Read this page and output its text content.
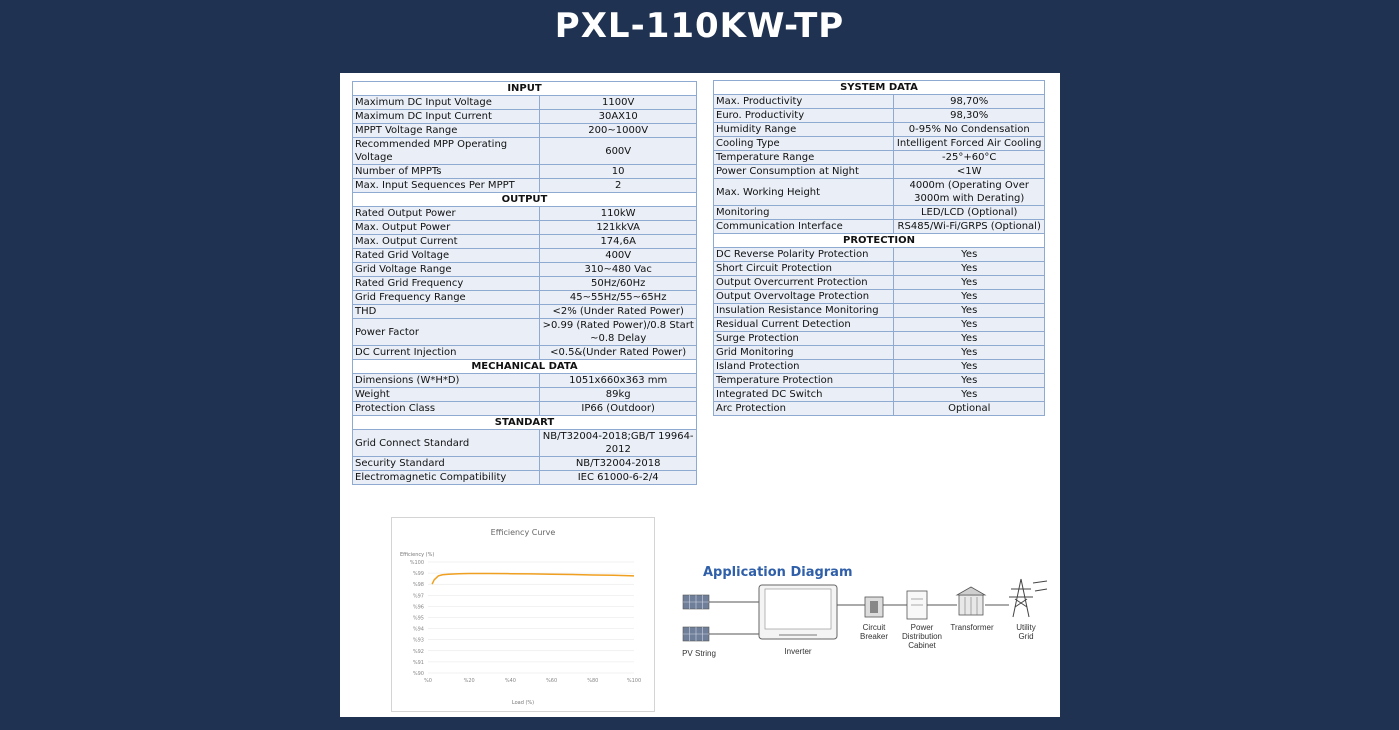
PXL-110KW-TP
INPUT	
Maximum DC Input Voltage	1100V
Maximum DC Input Current	30AX10
MPPT Voltage Range	200~1000V
Recommended MPP Operating Voltage	600V
Number of MPPTs	10
Max. Input Sequences Per MPPT	2
OUTPUT	
Rated Output Power	110kW
Max. Output Power	121kkVA
Max. Output Current	174,6A
Rated Grid Voltage	400V
Grid Voltage Range	310~480 Vac
Rated Grid Frequency	50Hz/60Hz
Grid Frequency Range	45~55Hz/55~65Hz
THD	<2% (Under Rated Power)
Power Factor	>0.99 (Rated Power)/0.8 Start ~0.8 Delay
DC Current Injection	<0.5&(Under Rated Power)
MECHANICAL DATA	
Dimensions (W*H*D)	1051x660x363 mm
Weight	89kg
Protection Class	IP66 (Outdoor)
STANDART	
Grid Connect Standard	NB/T32004-2018;GB/T 19964-2012
Security Standard	NB/T32004-2018
Electromagnetic Compatibility	IEC 61000-6-2/4
SYSTEM DATA	
Max. Productivity	98,70%
Euro. Productivity	98,30%
Humidity Range	0-95% No Condensation
Cooling Type	Intelligent Forced Air Cooling
Temperature Range	-25°+60°C
Power Consumption at Night	<1W
Max. Working Height	4000m (Operating Over 3000m with Derating)
Monitoring	LED/LCD (Optional)
Communication Interface	RS485/Wi-Fi/GRPS (Optional)
PROTECTION	
DC Reverse Polarity Protection	Yes
Short Circuit Protection	Yes
Output Overcurrent Protection	Yes
Output Overvoltage Protection	Yes
Insulation Resistance Monitoring	Yes
Residual Current Detection	Yes
Surge Protection	Yes
Grid Monitoring	Yes
Island Protection	Yes
Temperature Protection	Yes
Integrated DC Switch	Yes
Arc Protection	Optional
Efficiency Curve
Efficiency (%)
Load (%)
%100
%99
%98
%97
%96
%95
%94
%93
%92
%91
%90
%0	%20	%40	%60	%80	%100
Application Diagram
PV String	Inverter
Circuit Breaker
Power Distribution Cabinet
Transformer	Utility Grid
